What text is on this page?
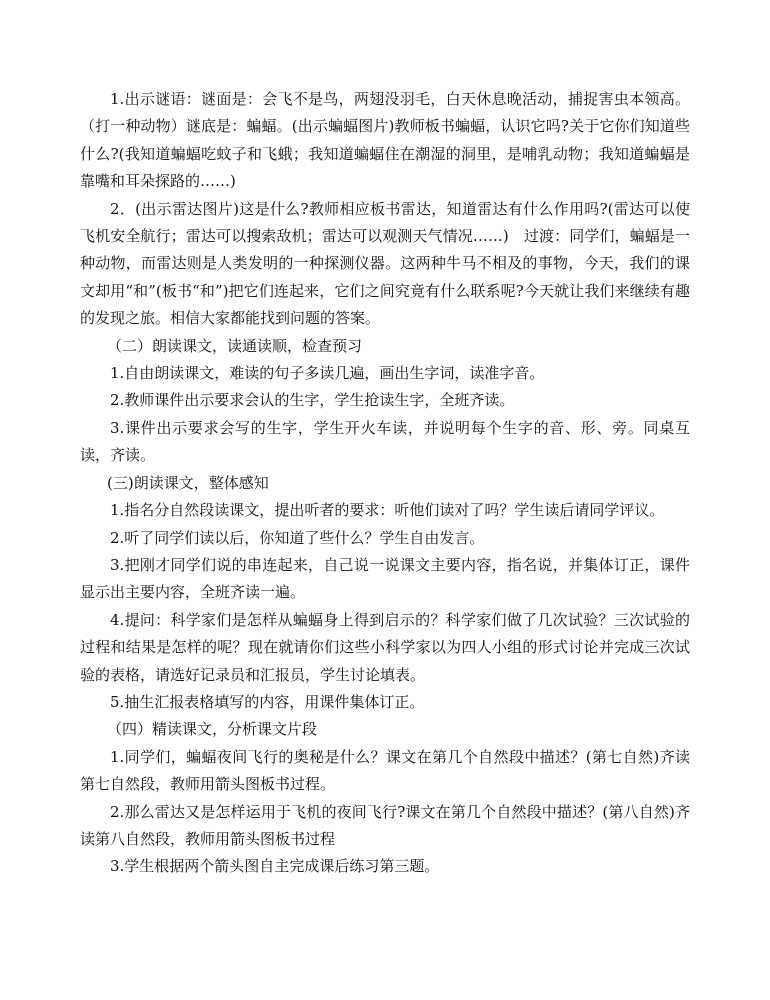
1.出示谜语：谜面是：会飞不是鸟，两翅没羽毛，白天休息晚活动，捕捉害虫本领高。（打一种动物）谜底是：蝙蝠。(出示蝙蝠图片)教师板书蝙蝠，认识它吗?关于它你们知道些什么?(我知道蝙蝠吃蚊子和飞蛾；我知道蝙蝠住在潮湿的洞里，是哺乳动物；我知道蝙蝠是靠嘴和耳朵探路的……)

2．(出示雷达图片)这是什么?教师相应板书雷达，知道雷达有什么作用吗?(雷达可以使飞机安全航行；雷达可以搜索敌机；雷达可以观测天气情况……)　过渡：同学们，蝙蝠是一种动物，而雷达则是人类发明的一种探测仪器。这两种牛马不相及的事物，今天，我们的课文却用“和”(板书“和”)把它们连起来，它们之间究竟有什么联系呢?今天就让我们来继续有趣的发现之旅。相信大家都能找到问题的答案。

（二）朗读课文，读通读顺，检查预习

1.自由朗读课文，难读的句子多读几遍，画出生字词，读准字音。

2.教师课件出示要求会认的生字，学生抢读生字，全班齐读。

3.课件出示要求会写的生字，学生开火车读，并说明每个生字的音、形、旁。同桌互读，齐读。

(三)朗读课文，整体感知

1.指名分自然段读课文，提出听者的要求：听他们读对了吗？学生读后请同学评议。

2.听了同学们读以后，你知道了些什么？学生自由发言。

3.把刚才同学们说的串连起来，自己说一说课文主要内容，指名说，并集体订正，课件显示出主要内容，全班齐读一遍。

4.提问：科学家们是怎样从蝙蝠身上得到启示的？科学家们做了几次试验？三次试验的过程和结果是怎样的呢？现在就请你们这些小科学家以为四人小组的形式讨论并完成三次试验的表格，请选好记录员和汇报员，学生讨论填表。

5.抽生汇报表格填写的内容，用课件集体订正。

（四）精读课文，分析课文片段

1.同学们，蝙蝠夜间飞行的奥秘是什么？课文在第几个自然段中描述？(第七自然)齐读第七自然段，教师用箭头图板书过程。

2.那么雷达又是怎样运用于飞机的夜间飞行?课文在第几个自然段中描述？(第八自然)齐读第八自然段，教师用箭头图板书过程

3.学生根据两个箭头图自主完成课后练习第三题。
